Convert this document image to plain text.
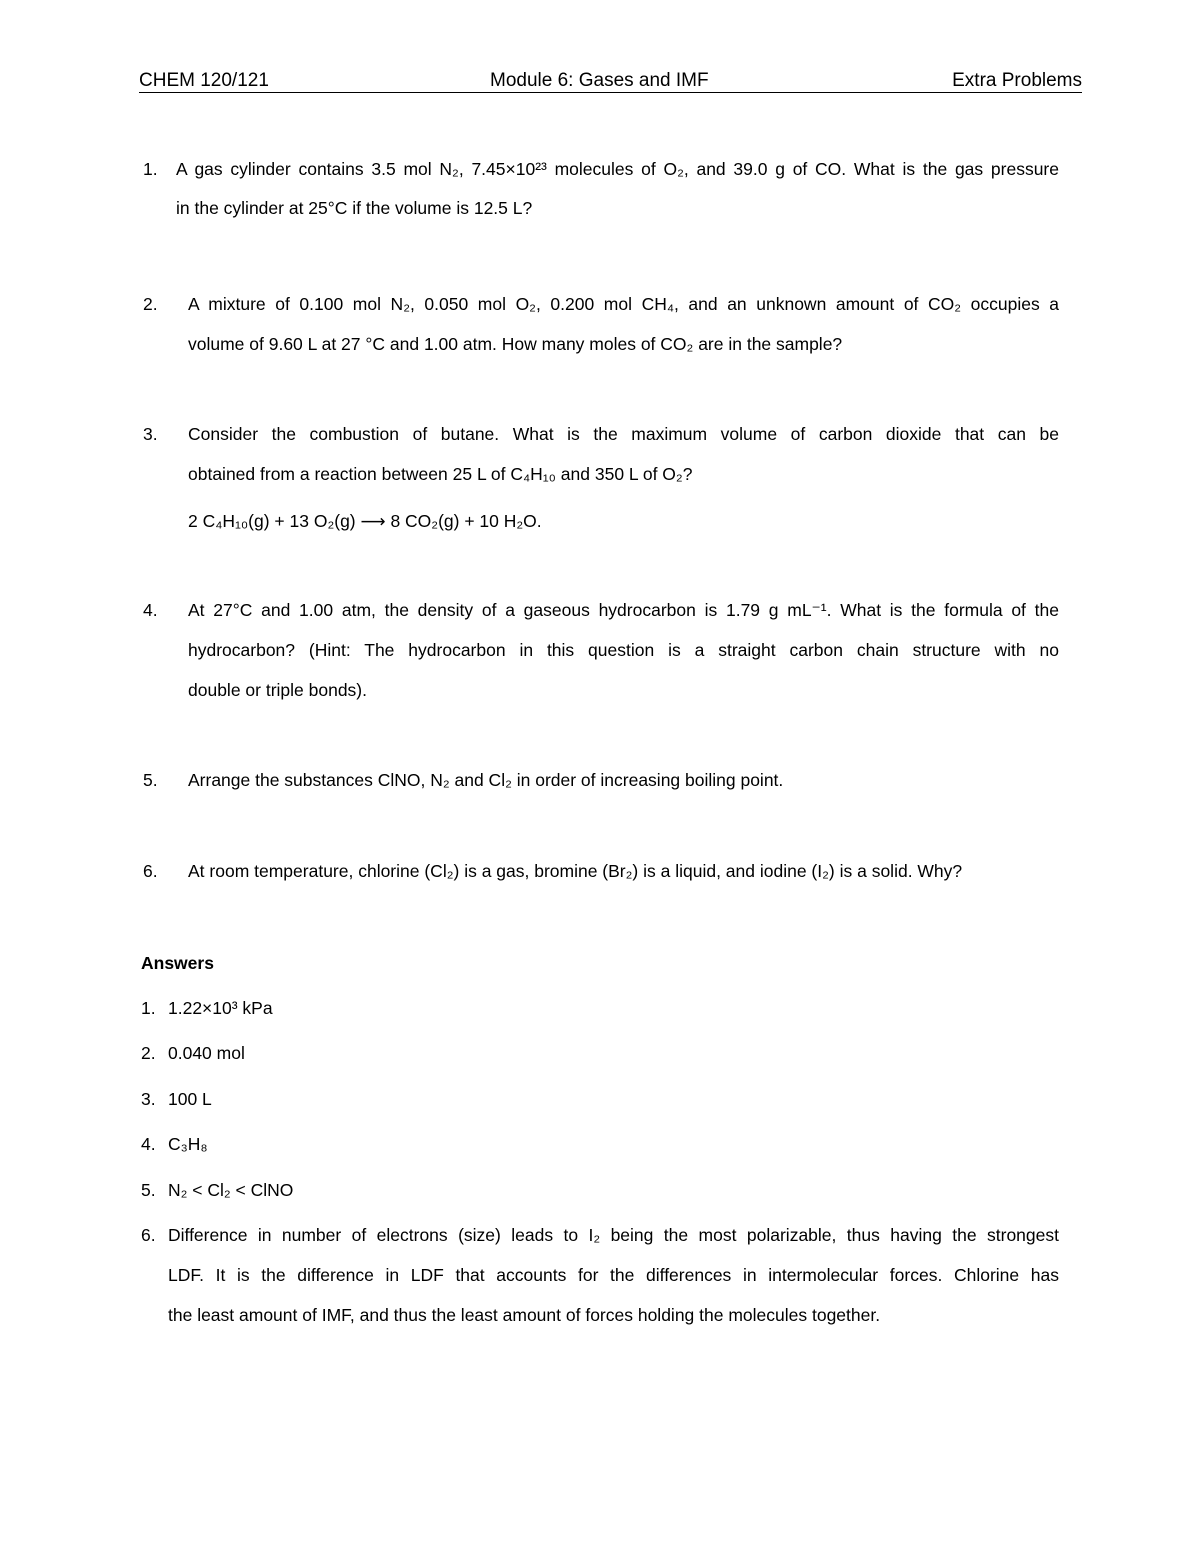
CHEM 120/121	Module 6: Gases and IMF	Extra Problems
1. A gas cylinder contains 3.5 mol N₂, 7.45×10²³ molecules of O₂, and 39.0 g of CO. What is the gas pressure
in the cylinder at 25°C if the volume is 12.5 L?
2. A mixture of 0.100 mol N₂, 0.050 mol O₂, 0.200 mol CH₄, and an unknown amount of CO₂ occupies a
volume of 9.60 L at 27 °C and 1.00 atm. How many moles of CO₂ are in the sample?
3. Consider the combustion of butane. What is the maximum volume of carbon dioxide that can be
obtained from a reaction between 25 L of C₄H₁₀ and 350 L of O₂?
2 C₄H₁₀(g) + 13 O₂(g) ⟶ 8 CO₂(g) + 10 H₂O.
4. At 27°C and 1.00 atm, the density of a gaseous hydrocarbon is 1.79 g mL⁻¹. What is the formula of the
hydrocarbon? (Hint: The hydrocarbon in this question is a straight carbon chain structure with no
double or triple bonds).
5. Arrange the substances ClNO, N₂ and Cl₂ in order of increasing boiling point.
6. At room temperature, chlorine (Cl₂) is a gas, bromine (Br₂) is a liquid, and iodine (I₂) is a solid. Why?
Answers
1. 1.22×10³ kPa
2. 0.040 mol
3. 100 L
4. C₃H₈
5. N₂ < Cl₂ < ClNO
6. Difference in number of electrons (size) leads to I₂ being the most polarizable, thus having the strongest
LDF. It is the difference in LDF that accounts for the differences in intermolecular forces. Chlorine has
the least amount of IMF, and thus the least amount of forces holding the molecules together.
